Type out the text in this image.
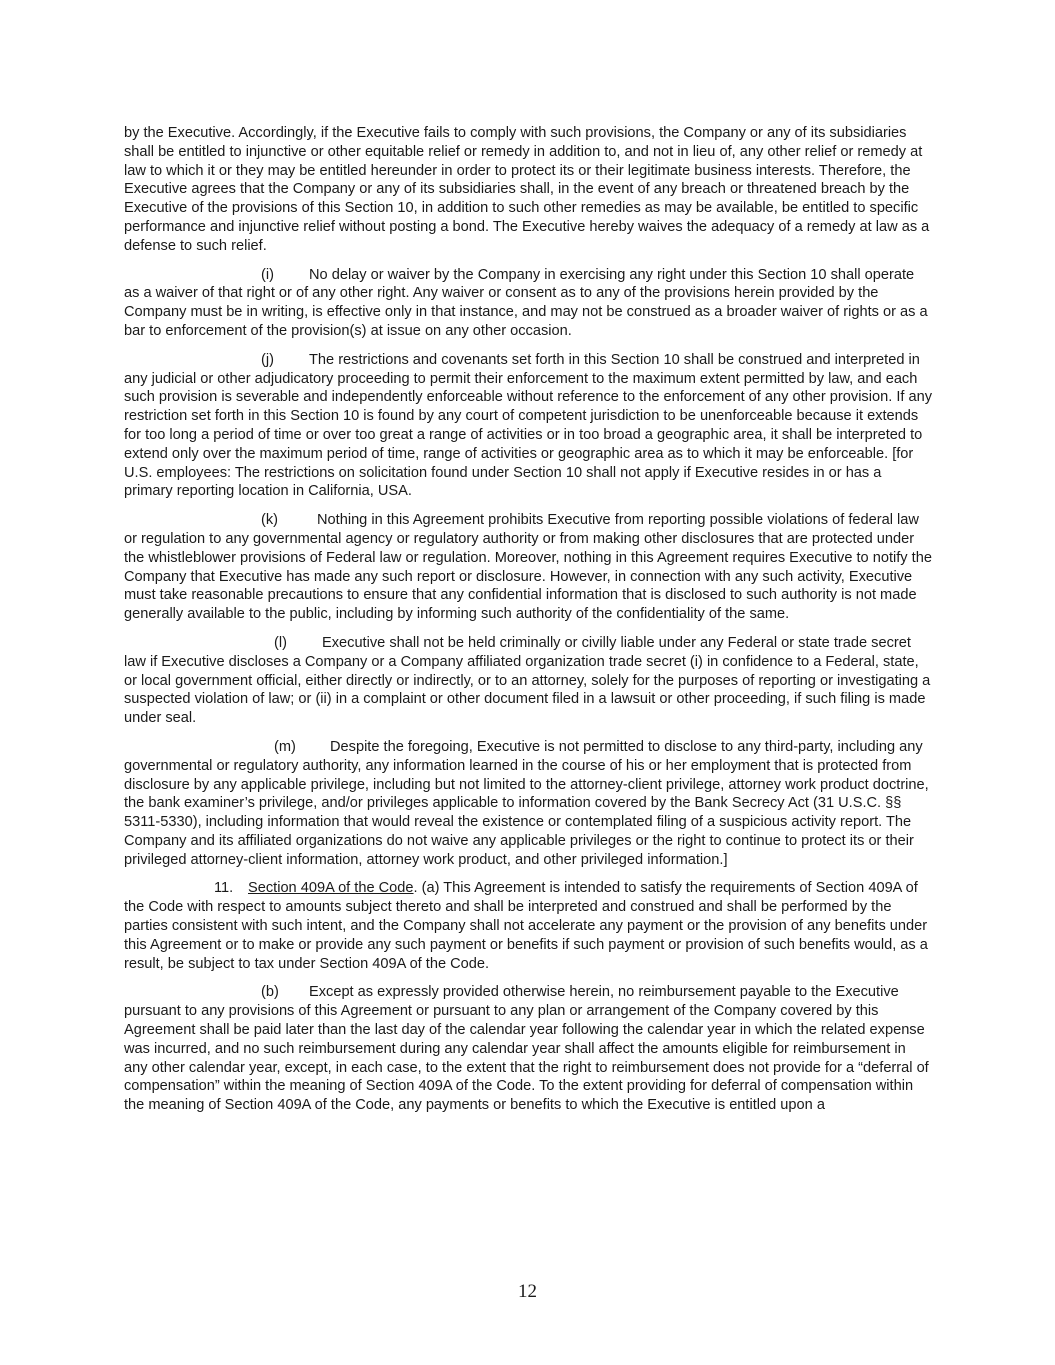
by the Executive. Accordingly, if the Executive fails to comply with such provisions, the Company or any of its subsidiaries shall be entitled to injunctive or other equitable relief or remedy in addition to, and not in lieu of, any other relief or remedy at law to which it or they may be entitled hereunder in order to protect its or their legitimate business interests. Therefore, the Executive agrees that the Company or any of its subsidiaries shall, in the event of any breach or threatened breach by the Executive of the provisions of this Section 10, in addition to such other remedies as may be available, be entitled to specific performance and injunctive relief without posting a bond. The Executive hereby waives the adequacy of a remedy at law as a defense to such relief.

(i) No delay or waiver by the Company in exercising any right under this Section 10 shall operate as a waiver of that right or of any other right. Any waiver or consent as to any of the provisions herein provided by the Company must be in writing, is effective only in that instance, and may not be construed as a broader waiver of rights or as a bar to enforcement of the provision(s) at issue on any other occasion.

(j) The restrictions and covenants set forth in this Section 10 shall be construed and interpreted in any judicial or other adjudicatory proceeding to permit their enforcement to the maximum extent permitted by law, and each such provision is severable and independently enforceable without reference to the enforcement of any other provision. If any restriction set forth in this Section 10 is found by any court of competent jurisdiction to be unenforceable because it extends for too long a period of time or over too great a range of activities or in too broad a geographic area, it shall be interpreted to extend only over the maximum period of time, range of activities or geographic area as to which it may be enforceable. [for U.S. employees: The restrictions on solicitation found under Section 10 shall not apply if Executive resides in or has a primary reporting location in California, USA.

(k)	Nothing in this Agreement prohibits Executive from reporting possible violations of federal law or regulation to any governmental agency or regulatory authority or from making other disclosures that are protected under the whistleblower provisions of Federal law or regulation. Moreover, nothing in this Agreement requires Executive to notify the Company that Executive has made any such report or disclosure. However, in connection with any such activity, Executive must take reasonable precautions to ensure that any confidential information that is disclosed to such authority is not made generally available to the public, including by informing such authority of the confidentiality of the same.

(l) Executive shall not be held criminally or civilly liable under any Federal or state trade secret law if Executive discloses a Company or a Company affiliated organization trade secret (i) in confidence to a Federal, state, or local government official, either directly or indirectly, or to an attorney, solely for the purposes of reporting or investigating a suspected violation of law; or (ii) in a complaint or other document filed in a lawsuit or other proceeding, if such filing is made under seal.

(m) Despite the foregoing, Executive is not permitted to disclose to any third-party, including any governmental or regulatory authority, any information learned in the course of his or her employment that is protected from disclosure by any applicable privilege, including but not limited to the attorney-client privilege, attorney work product doctrine, the bank examiner’s privilege, and/or privileges applicable to information covered by the Bank Secrecy Act (31 U.S.C. §§ 5311-5330), including information that would reveal the existence or contemplated filing of a suspicious activity report. The Company and its affiliated organizations do not waive any applicable privileges or the right to continue to protect its or their privileged attorney-client information, attorney work product, and other privileged information.]

11. Section 409A of the Code. (a) This Agreement is intended to satisfy the requirements of Section 409A of the Code with respect to amounts subject thereto and shall be interpreted and construed and shall be performed by the parties consistent with such intent, and the Company shall not accelerate any payment or the provision of any benefits under this Agreement or to make or provide any such payment or benefits if such payment or provision of such benefits would, as a result, be subject to tax under Section 409A of the Code.

(b) Except as expressly provided otherwise herein, no reimbursement payable to the Executive pursuant to any provisions of this Agreement or pursuant to any plan or arrangement of the Company covered by this Agreement shall be paid later than the last day of the calendar year following the calendar year in which the related expense was incurred, and no such reimbursement during any calendar year shall affect the amounts eligible for reimbursement in any other calendar year, except, in each case, to the extent that the right to reimbursement does not provide for a “deferral of compensation” within the meaning of Section 409A of the Code. To the extent providing for deferral of compensation within the meaning of Section 409A of the Code, any payments or benefits to which the Executive is entitled upon a

12
